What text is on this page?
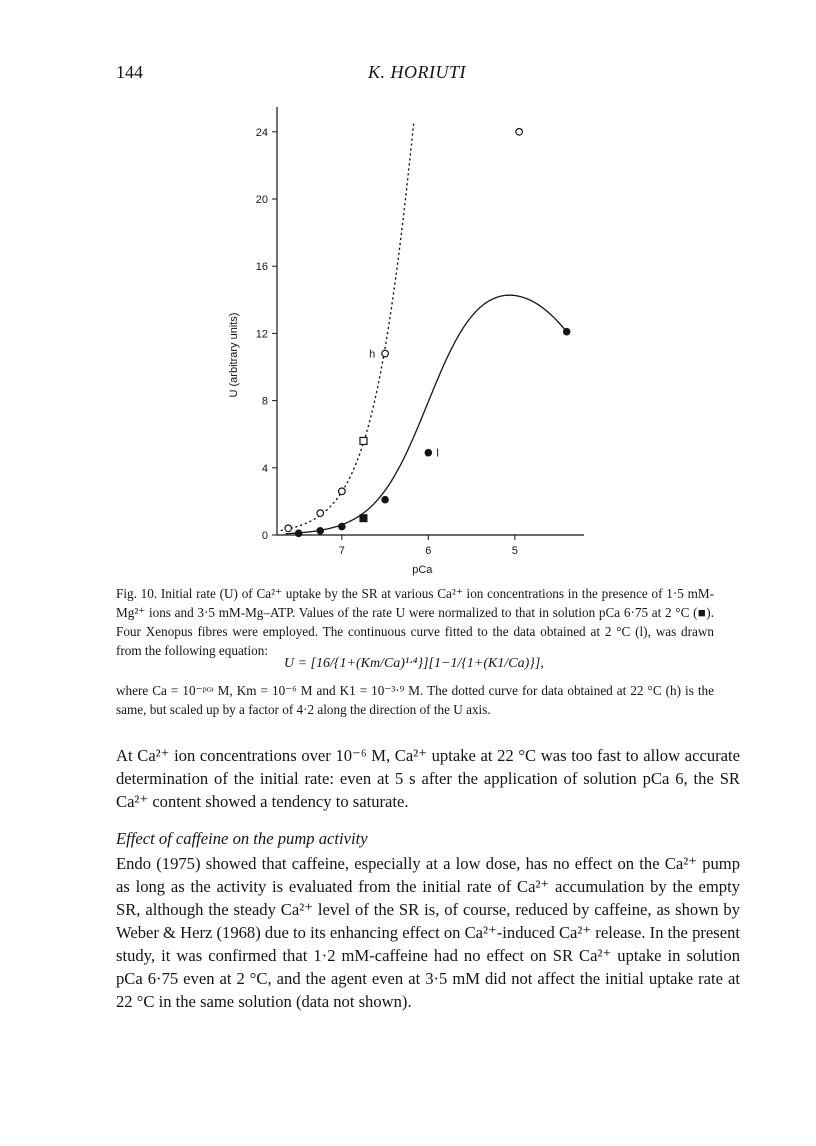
144	K. HORIUTI
0
4
8
12
16
20
24
7	6	5
pCa
U (arbitrary units)	h
l
Fig. 10. Initial rate (U) of Ca²⁺ uptake by the SR at various Ca²⁺ ion concentrations in the presence of 1·5 mM-Mg²⁺ ions and 3·5 mM-Mg–ATP. Values of the rate U were normalized to that in solution pCa 6·75 at 2 °C (■). Four Xenopus fibres were employed. The continuous curve fitted to the data obtained at 2 °C (l), was drawn from the following equation:
U = [16/{1+(Km/Ca)¹·⁴}][1−1/{1+(K1/Ca)}],
where Ca = 10⁻ᵖᶜᵃ M, Km = 10⁻⁶ M and K1 = 10⁻³·⁹ M. The dotted curve for data obtained at 22 °C (h) is the same, but scaled up by a factor of 4·2 along the direction of the U axis.
At Ca²⁺ ion concentrations over 10⁻⁶ M, Ca²⁺ uptake at 22 °C was too fast to allow accurate determination of the initial rate: even at 5 s after the application of solution pCa 6, the SR Ca²⁺ content showed a tendency to saturate.
Effect of caffeine on the pump activity
Endo (1975) showed that caffeine, especially at a low dose, has no effect on the Ca²⁺ pump as long as the activity is evaluated from the initial rate of Ca²⁺ accumulation by the empty SR, although the steady Ca²⁺ level of the SR is, of course, reduced by caffeine, as shown by Weber & Herz (1968) due to its enhancing effect on Ca²⁺-induced Ca²⁺ release. In the present study, it was confirmed that 1·2 mM-caffeine had no effect on SR Ca²⁺ uptake in solution pCa 6·75 even at 2 °C, and the agent even at 3·5 mM did not affect the initial uptake rate at 22 °C in the same solution (data not shown).
